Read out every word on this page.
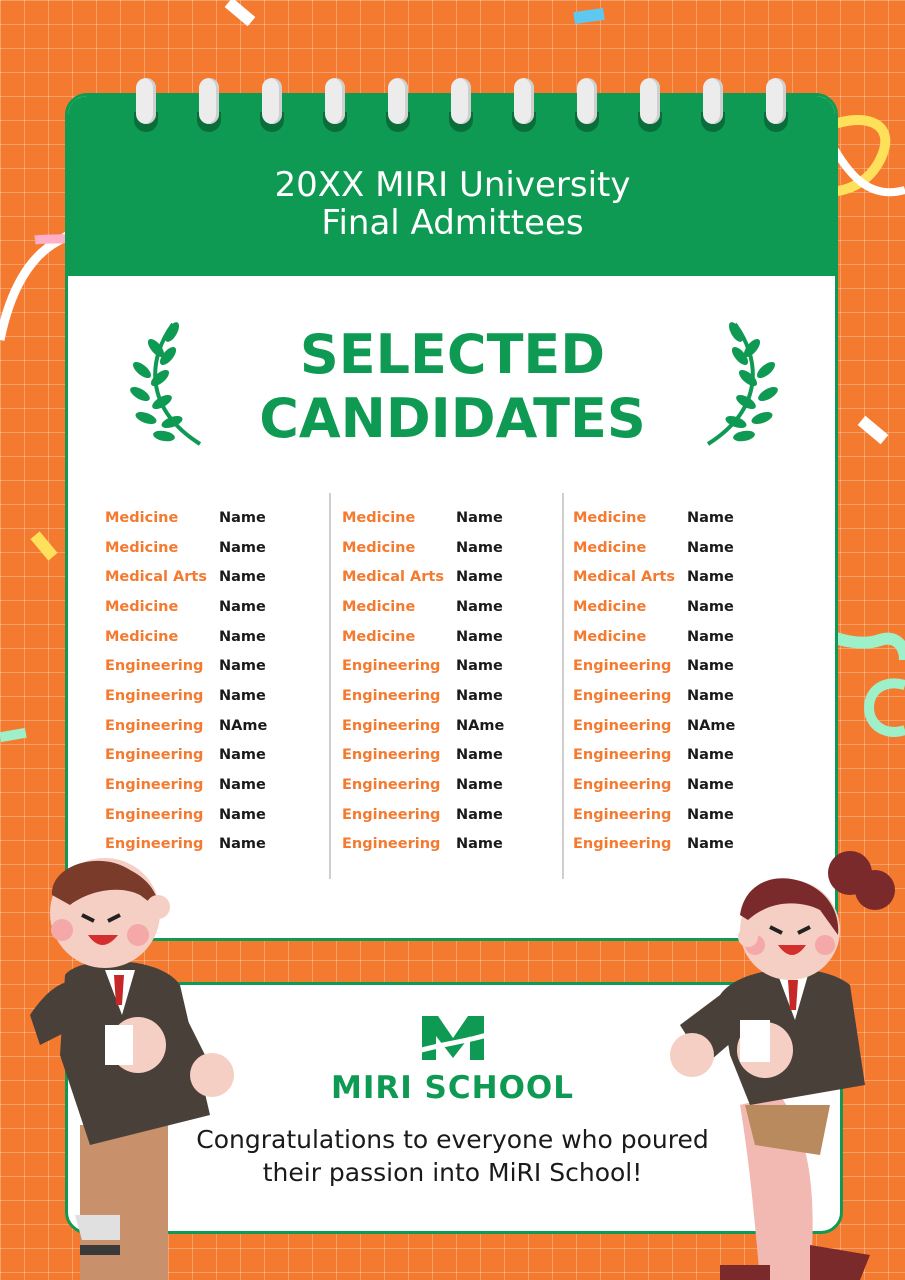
20XX MIRI University
Final Admittees
SELECTED
CANDIDATES
Medicine	Name
Medicine	Name
Medical Arts Name
Medicine	Name
Medicine	Name
Engineering	Name
Engineering	Name
Engineering	NAme
Engineering	Name
Engineering	Name
Engineering	Name
Engineering	Name
Medicine	Name
Medicine	Name
Medical Arts Name
Medicine	Name
Medicine	Name
Engineering	Name
Engineering	Name
Engineering	NAme
Engineering	Name
Engineering	Name
Engineering	Name
Engineering	Name
Medicine	Name
Medicine	Name
Medical Arts Name
Medicine	Name
Medicine	Name
Engineering	Name
Engineering	Name
Engineering	NAme
Engineering	Name
Engineering	Name
Engineering	Name
Engineering	Name
MIRI SCHOOL
Congratulations to everyone who poured
their passion into MiRI School!
